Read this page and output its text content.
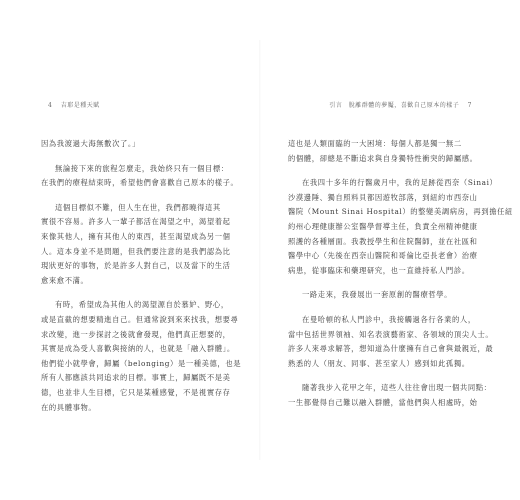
4 吉耶是種天賦
因為我渡過大海無數次了。」
無論接下來的旅程怎麼走，我始終只有一個目標：
在我們的療程結束時，希望他們會喜歡自己原本的樣子。
這個目標似不難，但人生在世，我們都曉得這其
實很不容易。許多人一輩子都活在渴望之中，渴望着起
來像其他人，擁有其他人的東西，甚至渴望成為另一個
人。這本身並不是問題，但我們要注意的是我們認為比
現狀更好的事物，於是許多人對自己，以及當下的生活
愈來愈不滿。
有時，希望成為其他人的渴望源自於慕妒、野心，
或是直截的想要精進自己。但通常說到來來找我，想要尋
求改變，進一步探討之後就會發現，他們真正想要的，
其實是成為受人喜歡與接納的人，也就是「融入群體」。
他們從小就學會，歸屬（belonging）是一種美德，也是
所有人都應該共同追求的目標。事實上，歸屬既不是美
德，也並非人生目標，它只是某種感覺，不是視實存存
在的具體事物。
引言　脫離群體的夢魘，喜歡自己原本的樣子 7
這也是人類面臨的一大困境：每個人都是獨一無二
的個體，卻總是不斷追求與自身獨特性衝突的歸屬感。
在我四十多年的行醫歲月中，我的足跡從西奈（Sinai）
沙漠邊陲、獨自照料貝都因遊牧部落，到紐約市西奈山
醫院（Mount Sinai Hospital）的整變美調病房，再到擔任紐
約州心理健康辦公室醫學督導主任，負責全州精神健康
照護的各種層面。我教授學生和住院醫師，並在社區和
醫學中心（先後在西奈山醫院和哥倫比亞長老會）治療
病患，從事臨床和藥理研究，也一直維持私人門診。
一路走來，我發展出一套原創的醫療哲學。
在曼哈頓的私人門診中，我接觸過各行各業的人，
當中包括世界領袖、知名表演藝術家、各領域的頂尖人士。
許多人來尋求解答，想知道為什麼擁有自己會與最親近，最
熟悉的人（朋友、同事、甚至家人）感到如此孤獨。
隨著我步入花甲之年，這些人往往會出現一個共同點：
一生都覺得自己難以融入群體，當他們與人相處時，始
